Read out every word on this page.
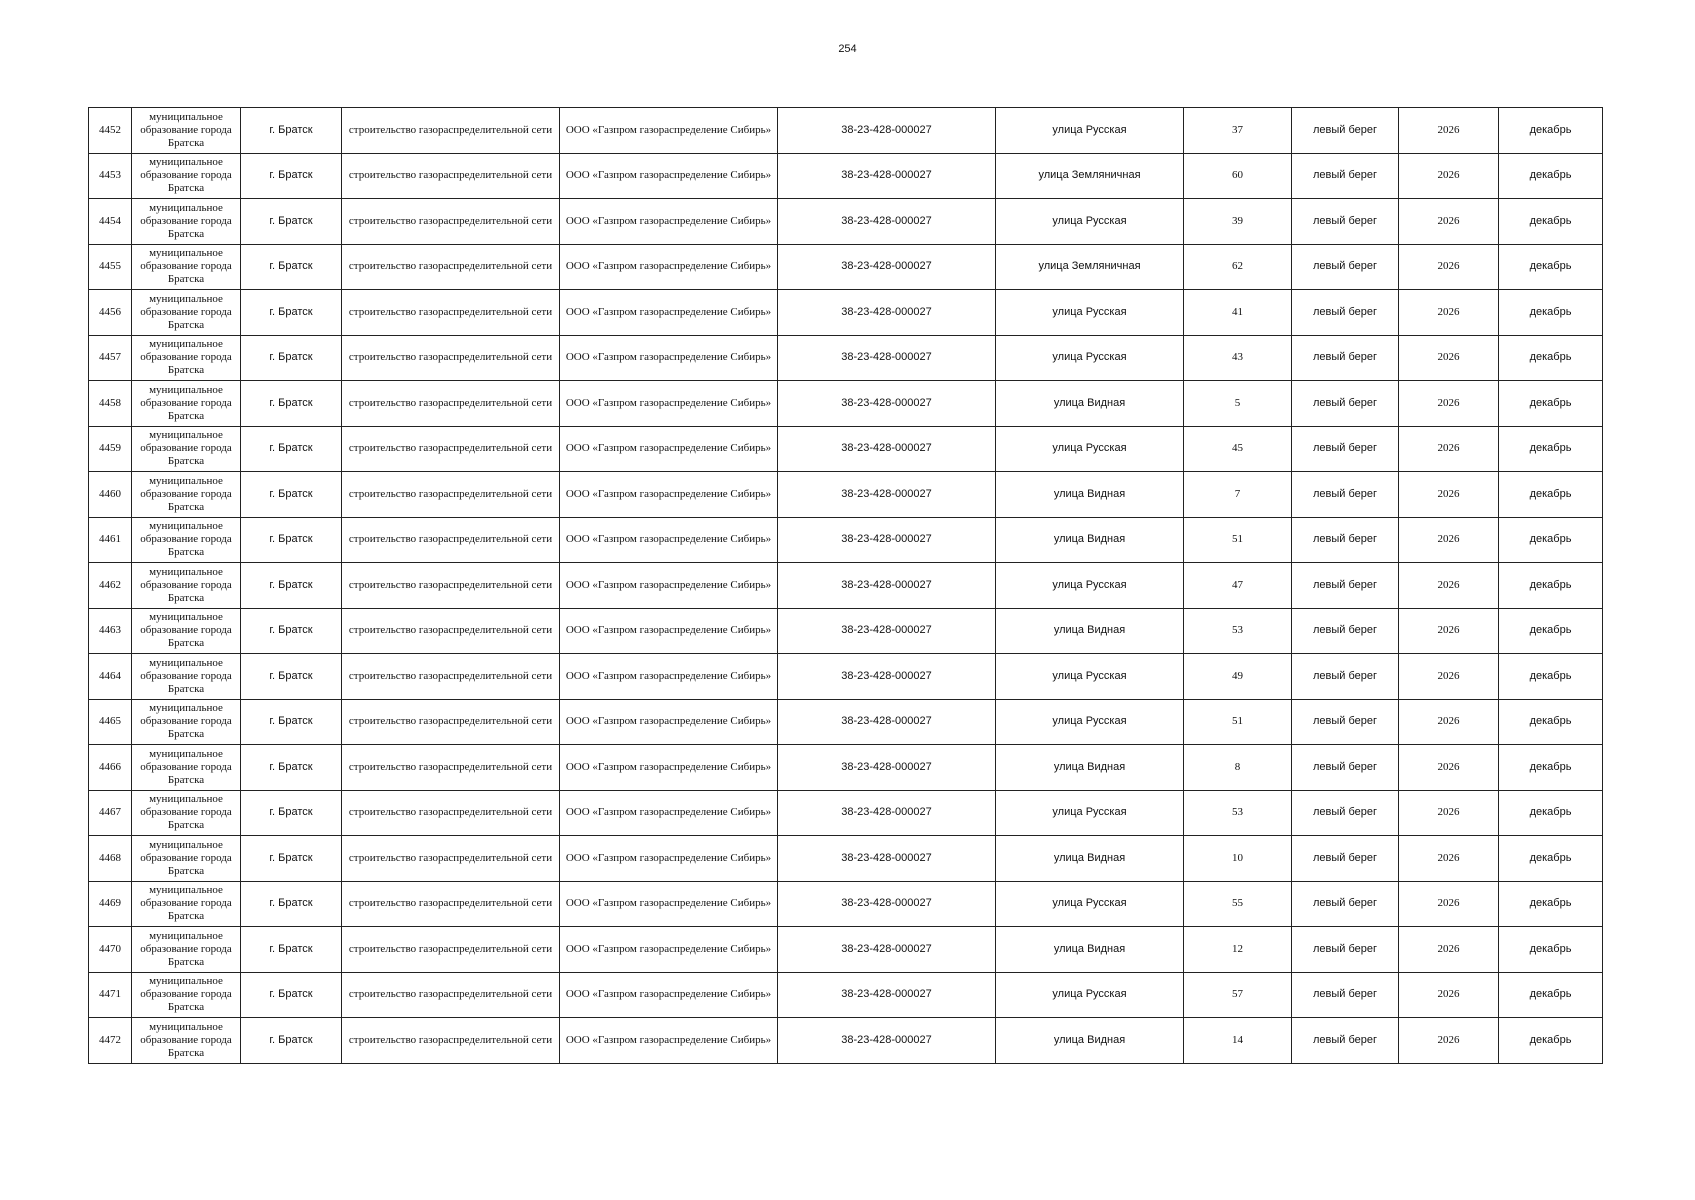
254
4452	муниципальное образование города Братска	г. Братск	строительство газораспределительной сети	ООО «Газпром газораспределение Сибирь»	38-23-428-000027	улица Русская	37	левый берег	2026	декабрь
4453	муниципальное образование города Братска	г. Братск	строительство газораспределительной сети	ООО «Газпром газораспределение Сибирь»	38-23-428-000027	улица Земляничная	60	левый берег	2026	декабрь
4454	муниципальное образование города Братска	г. Братск	строительство газораспределительной сети	ООО «Газпром газораспределение Сибирь»	38-23-428-000027	улица Русская	39	левый берег	2026	декабрь
4455	муниципальное образование города Братска	г. Братск	строительство газораспределительной сети	ООО «Газпром газораспределение Сибирь»	38-23-428-000027	улица Земляничная	62	левый берег	2026	декабрь
4456	муниципальное образование города Братска	г. Братск	строительство газораспределительной сети	ООО «Газпром газораспределение Сибирь»	38-23-428-000027	улица Русская	41	левый берег	2026	декабрь
4457	муниципальное образование города Братска	г. Братск	строительство газораспределительной сети	ООО «Газпром газораспределение Сибирь»	38-23-428-000027	улица Русская	43	левый берег	2026	декабрь
4458	муниципальное образование города Братска	г. Братск	строительство газораспределительной сети	ООО «Газпром газораспределение Сибирь»	38-23-428-000027	улица Видная	5	левый берег	2026	декабрь
4459	муниципальное образование города Братска	г. Братск	строительство газораспределительной сети	ООО «Газпром газораспределение Сибирь»	38-23-428-000027	улица Русская	45	левый берег	2026	декабрь
4460	муниципальное образование города Братска	г. Братск	строительство газораспределительной сети	ООО «Газпром газораспределение Сибирь»	38-23-428-000027	улица Видная	7	левый берег	2026	декабрь
4461	муниципальное образование города Братска	г. Братск	строительство газораспределительной сети	ООО «Газпром газораспределение Сибирь»	38-23-428-000027	улица Видная	51	левый берег	2026	декабрь
4462	муниципальное образование города Братска	г. Братск	строительство газораспределительной сети	ООО «Газпром газораспределение Сибирь»	38-23-428-000027	улица Русская	47	левый берег	2026	декабрь
4463	муниципальное образование города Братска	г. Братск	строительство газораспределительной сети	ООО «Газпром газораспределение Сибирь»	38-23-428-000027	улица Видная	53	левый берег	2026	декабрь
4464	муниципальное образование города Братска	г. Братск	строительство газораспределительной сети	ООО «Газпром газораспределение Сибирь»	38-23-428-000027	улица Русская	49	левый берег	2026	декабрь
4465	муниципальное образование города Братска	г. Братск	строительство газораспределительной сети	ООО «Газпром газораспределение Сибирь»	38-23-428-000027	улица Русская	51	левый берег	2026	декабрь
4466	муниципальное образование города Братска	г. Братск	строительство газораспределительной сети	ООО «Газпром газораспределение Сибирь»	38-23-428-000027	улица Видная	8	левый берег	2026	декабрь
4467	муниципальное образование города Братска	г. Братск	строительство газораспределительной сети	ООО «Газпром газораспределение Сибирь»	38-23-428-000027	улица Русская	53	левый берег	2026	декабрь
4468	муниципальное образование города Братска	г. Братск	строительство газораспределительной сети	ООО «Газпром газораспределение Сибирь»	38-23-428-000027	улица Видная	10	левый берег	2026	декабрь
4469	муниципальное образование города Братска	г. Братск	строительство газораспределительной сети	ООО «Газпром газораспределение Сибирь»	38-23-428-000027	улица Русская	55	левый берег	2026	декабрь
4470	муниципальное образование города Братска	г. Братск	строительство газораспределительной сети	ООО «Газпром газораспределение Сибирь»	38-23-428-000027	улица Видная	12	левый берег	2026	декабрь
4471	муниципальное образование города Братска	г. Братск	строительство газораспределительной сети	ООО «Газпром газораспределение Сибирь»	38-23-428-000027	улица Русская	57	левый берег	2026	декабрь
4472	муниципальное образование города Братска	г. Братск	строительство газораспределительной сети	ООО «Газпром газораспределение Сибирь»	38-23-428-000027	улица Видная	14	левый берег	2026	декабрь
